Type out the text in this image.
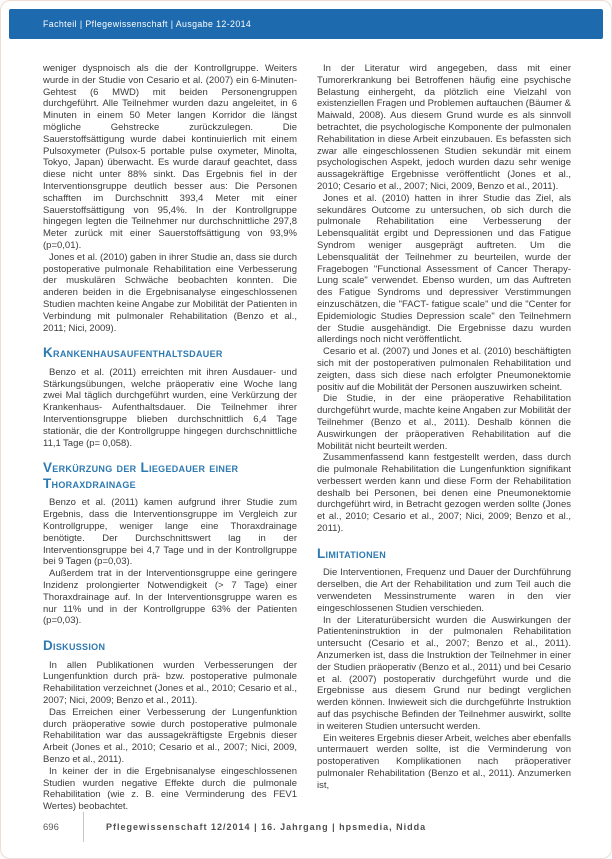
Fachteil | Pflegewissenschaft | Ausgabe 12-2014

weniger dyspnoisch als die der Kontrollgruppe. Weiters wurde in der Studie von Cesario et al. (2007) ein 6-Minuten- Gehtest (6 MWD) mit beiden Personengruppen durchgeführt. Alle Teilnehmer wurden dazu angeleitet, in 6 Minuten in einem 50 Meter langen Korridor die längst mögliche Gehstrecke zurückzulegen. Die Sauerstoffsättigung wurde dabei kontinuierlich mit einem Pulsoxymeter (Pulsox-5 portable pulse oxymeter, Minolta, Tokyo, Japan) überwacht. Es wurde darauf geachtet, dass diese nicht unter 88% sinkt. Das Ergebnis fiel in der Interventionsgruppe deutlich besser aus: Die Personen schafften im Durchschnitt 393,4 Meter mit einer Sauerstoffsättigung von 95,4%. In der Kontrollgruppe hingegen legten die Teilnehmer nur durchschnittliche 297,8 Meter zurück mit einer Sauerstoffsättigung von 93,9% (p=0,01).

Jones et al. (2010) gaben in ihrer Studie an, dass sie durch postoperative pulmonale Rehabilitation eine Verbesserung der muskulären Schwäche beobachten konnten. Die anderen beiden in die Ergebnisanalyse eingeschlossenen Studien machten keine Angabe zur Mobilität der Patienten in Verbindung mit pulmonaler Rehabilitation (Benzo et al., 2011; Nici, 2009).

Krankenhausaufenthaltsdauer

Benzo et al. (2011) erreichten mit ihren Ausdauer- und Stärkungsübungen, welche präoperativ eine Woche lang zwei Mal täglich durchgeführt wurden, eine Verkürzung der Krankenhaus- Aufenthaltsdauer. Die Teilnehmer ihrer Interventionsgruppe blieben durchschnittlich 6,4 Tage stationär, die der Kontrollgruppe hingegen durchschnittliche 11,1 Tage (p= 0,058).

Verkürzung der Liegedauer einer Thoraxdrainage

Benzo et al. (2011) kamen aufgrund ihrer Studie zum Ergebnis, dass die Interventionsgruppe im Vergleich zur Kontrollgruppe, weniger lange eine Thoraxdrainage benötigte. Der Durchschnittswert lag in der Interventionsgruppe bei 4,7 Tage und in der Kontrollgruppe bei 9 Tagen (p=0,03).

Außerdem trat in der Interventionsgruppe eine geringere Inzidenz prolongierter Notwendigkeit (> 7 Tage) einer Thoraxdrainage auf. In der Interventionsgruppe waren es nur 11% und in der Kontrollgruppe 63% der Patienten (p=0,03).

Diskussion

In allen Publikationen wurden Verbesserungen der Lungenfunktion durch prä- bzw. postoperative pulmonale Rehabilitation verzeichnet (Jones et al., 2010; Cesario et al., 2007; Nici, 2009; Benzo et al., 2011).

Das Erreichen einer Verbesserung der Lungenfunktion durch präoperative sowie durch postoperative pulmonale Rehabilitation war das aussagekräftigste Ergebnis dieser Arbeit (Jones et al., 2010; Cesario et al., 2007; Nici, 2009, Benzo et al., 2011).

In keiner der in die Ergebnisanalyse eingeschlossenen Studien wurden negative Effekte durch die pulmonale Rehabilitation (wie z. B. eine Verminderung des FEV1 Wertes) beobachtet.

In der Literatur wird angegeben, dass mit einer Tumorerkrankung bei Betroffenen häufig eine psychische Belastung einhergeht, da plötzlich eine Vielzahl von existenziellen Fragen und Problemen auftauchen (Bäumer & Maiwald, 2008). Aus diesem Grund wurde es als sinnvoll betrachtet, die psychologische Komponente der pulmonalen Rehabilitation in diese Arbeit einzubauen. Es befassten sich zwar alle eingeschlossenen Studien sekundär mit einem psychologischen Aspekt, jedoch wurden dazu sehr wenige aussagekräftige Ergebnisse veröffentlicht (Jones et al., 2010; Cesario et al., 2007; Nici, 2009, Benzo et al., 2011).

Jones et al. (2010) hatten in ihrer Studie das Ziel, als sekundäres Outcome zu untersuchen, ob sich durch die pulmonale Rehabilitation eine Verbesserung der Lebensqualität ergibt und Depressionen und das Fatigue Syndrom weniger ausgeprägt auftreten. Um die Lebensqualität der Teilnehmer zu beurteilen, wurde der Fragebogen "Functional Assessment of Cancer Therapy- Lung scale" verwendet. Ebenso wurden, um das Auftreten des Fatigue Syndroms und depressiver Verstimmungen einzuschätzen, die "FACT- fatigue scale" und die "Center for Epidemiologic Studies Depression scale" den Teilnehmern der Studie ausgehändigt. Die Ergebnisse dazu wurden allerdings noch nicht veröffentlicht.

Cesario et al. (2007) und Jones et al. (2010) beschäftigten sich mit der postoperativen pulmonalen Rehabilitation und zeigten, dass sich diese nach erfolgter Pneumonektomie positiv auf die Mobilität der Personen auszuwirken scheint.

Die Studie, in der eine präoperative Rehabilitation durchgeführt wurde, machte keine Angaben zur Mobilität der Teilnehmer (Benzo et al., 2011). Deshalb können die Auswirkungen der präoperativen Rehabilitation auf die Mobilität nicht beurteilt werden.

Zusammenfassend kann festgestellt werden, dass durch die pulmonale Rehabilitation die Lungenfunktion signifikant verbessert werden kann und diese Form der Rehabilitation deshalb bei Personen, bei denen eine Pneumonektomie durchgeführt wird, in Betracht gezogen werden sollte (Jones et al., 2010; Cesario et al., 2007; Nici, 2009; Benzo et al., 2011).

Limitationen

Die Interventionen, Frequenz und Dauer der Durchführung derselben, die Art der Rehabilitation und zum Teil auch die verwendeten Messinstrumente waren in den vier eingeschlossenen Studien verschieden.

In der Literaturübersicht wurden die Auswirkungen der Patienteninstruktion in der pulmonalen Rehabilitation untersucht (Cesario et al., 2007; Benzo et al., 2011). Anzumerken ist, dass die Instruktion der Teilnehmer in einer der Studien präoperativ (Benzo et al., 2011) und bei Cesario et al. (2007) postoperativ durchgeführt wurde und die Ergebnisse aus diesem Grund nur bedingt verglichen werden können. Inwieweit sich die durchgeführte Instruktion auf das psychische Befinden der Teilnehmer auswirkt, sollte in weiteren Studien untersucht werden.

Ein weiteres Ergebnis dieser Arbeit, welches aber ebenfalls untermauert werden sollte, ist die Verminderung von postoperativen Komplikationen nach präoperativer pulmonaler Rehabilitation (Benzo et al., 2011). Anzumerken ist,

696	Pflegewissenschaft 12/2014 | 16. Jahrgang | hpsmedia, Nidda
